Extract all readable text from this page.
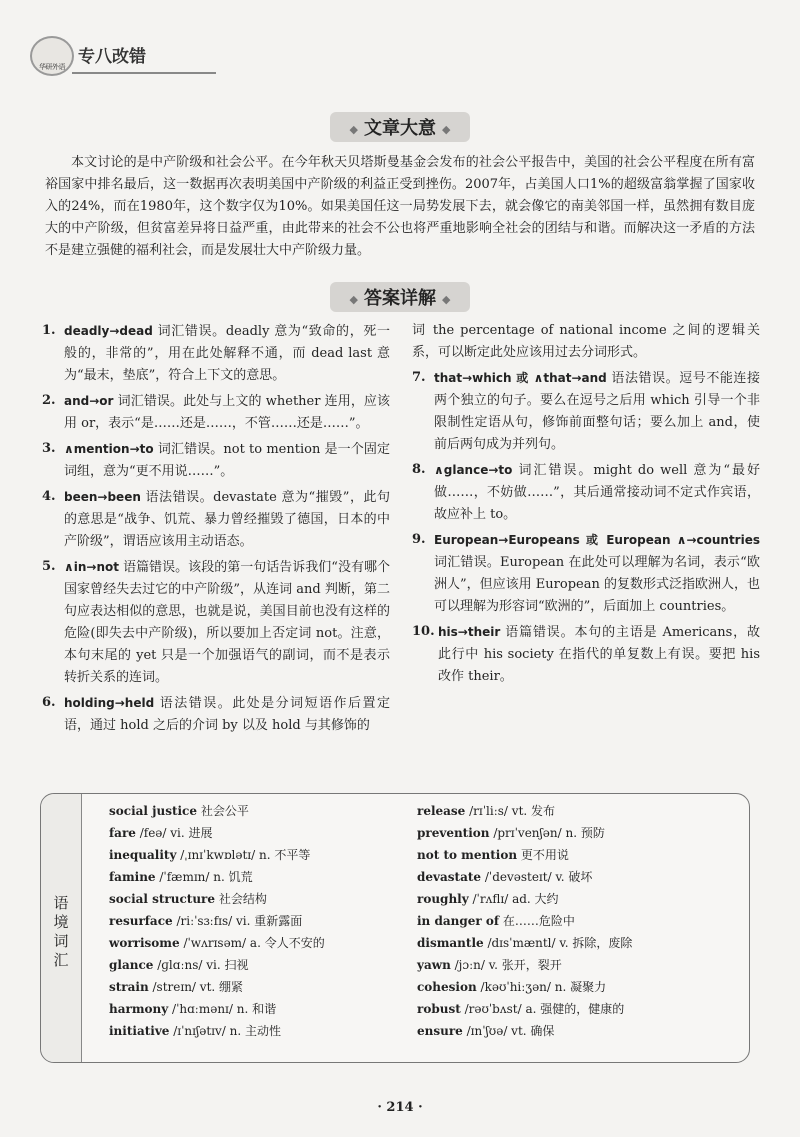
华研外语 专八改错
◆ 文章大意 ◆
本文讨论的是中产阶级和社会公平。在今年秋天贝塔斯曼基金会发布的社会公平报告中，美国的社会公平程度在所有富裕国家中排名最后，这一数据再次表明美国中产阶级的利益正受到挫伤。2007年，占美国人口1%的超级富翁掌握了国家收入的24%，而在1980年，这个数字仅为10%。如果美国任这一局势发展下去，就会像它的南美邻国一样，虽然拥有数目庞大的中产阶级，但贫富差异将日益严重，由此带来的社会不公也将严重地影响全社会的团结与和谐。而解决这一矛盾的方法不是建立强健的福利社会，而是发展壮大中产阶级力量。
◆ 答案详解 ◆
1. deadly→dead 词汇错误。deadly 意为“致命的，死一般的，非常的”，用在此处解释不通，而 dead last 意为“最末，垫底”，符合上下文的意思。
2. and→or 词汇错误。此处与上文的 whether 连用，应该用 or，表示“是……还是……，不管……还是……”。
3. ∧mention→to 词汇错误。not to mention 是一个固定词组，意为“更不用说……”。
4. been→been 语法错误。devastate 意为“摧毁”，此句的意思是“战争、饥荒、暴力曾经摧毁了德国，日本的中产阶级”，谓语应该用主动语态。
5. ∧in→not 语篇错误。该段的第一句话告诉我们“没有哪个国家曾经失去过它的中产阶级”，从连词 and 判断，第二句应表达相似的意思，也就是说，美国目前也没有这样的危险(即失去中产阶级)，所以要加上否定词 not。注意，本句末尾的 yet 只是一个加强语气的副词，而不是表示转折关系的连词。
6. holding→held 语法错误。此处是分词短语作后置定语，通过 hold 之后的介词 by 以及 hold 与其修饰的
词 the percentage of national income 之间的逻辑关系，可以断定此处应该用过去分词形式。
7. that→which 或 ∧that→and 语法错误。逗号不能连接两个独立的句子。要么在逗号之后用 which 引导一个非限制性定语从句，修饰前面整句话；要么加上 and，使前后两句成为并列句。
8. ∧glance→to 词汇错误。might do well 意为“最好做……，不妨做……”，其后通常接动词不定式作宾语，故应补上 to。
9. European→Europeans 或 European ∧→countries 词汇错误。European 在此处可以理解为名词，表示“欧洲人”，但应该用 European 的复数形式泛指欧洲人，也可以理解为形容词“欧洲的”，后面加上 countries。
10. his→their 语篇错误。本句的主语是 Americans，故此行中 his society 在指代的单复数上有误。要把 his 改作 their。
语境词汇
social justice 社会公平
fare /feə/ vi. 进展
inequality /ˌɪnɪˈkwɒlətɪ/ n. 不平等
famine /ˈfæmɪn/ n. 饥荒
social structure 社会结构
resurface /riːˈsɜːfɪs/ vi. 重新露面
worrisome /ˈwʌrɪsəm/ a. 令人不安的
glance /ɡlɑːns/ vi. 扫视
strain /streɪn/ vt. 绷紧
harmony /ˈhɑːmənɪ/ n. 和谐
initiative /ɪˈnɪʃətɪv/ n. 主动性
release /rɪˈliːs/ vt. 发布
prevention /prɪˈvenʃən/ n. 预防
not to mention 更不用说
devastate /ˈdevəsteɪt/ v. 破坏
roughly /ˈrʌflɪ/ ad. 大约
in danger of 在……危险中
dismantle /dɪsˈmæntl/ v. 拆除，废除
yawn /jɔːn/ v. 张开，裂开
cohesion /kəʊˈhiːʒən/ n. 凝聚力
robust /rəʊˈbʌst/ a. 强健的，健康的
ensure /ɪnˈʃʊə/ vt. 确保
· 214 ·
